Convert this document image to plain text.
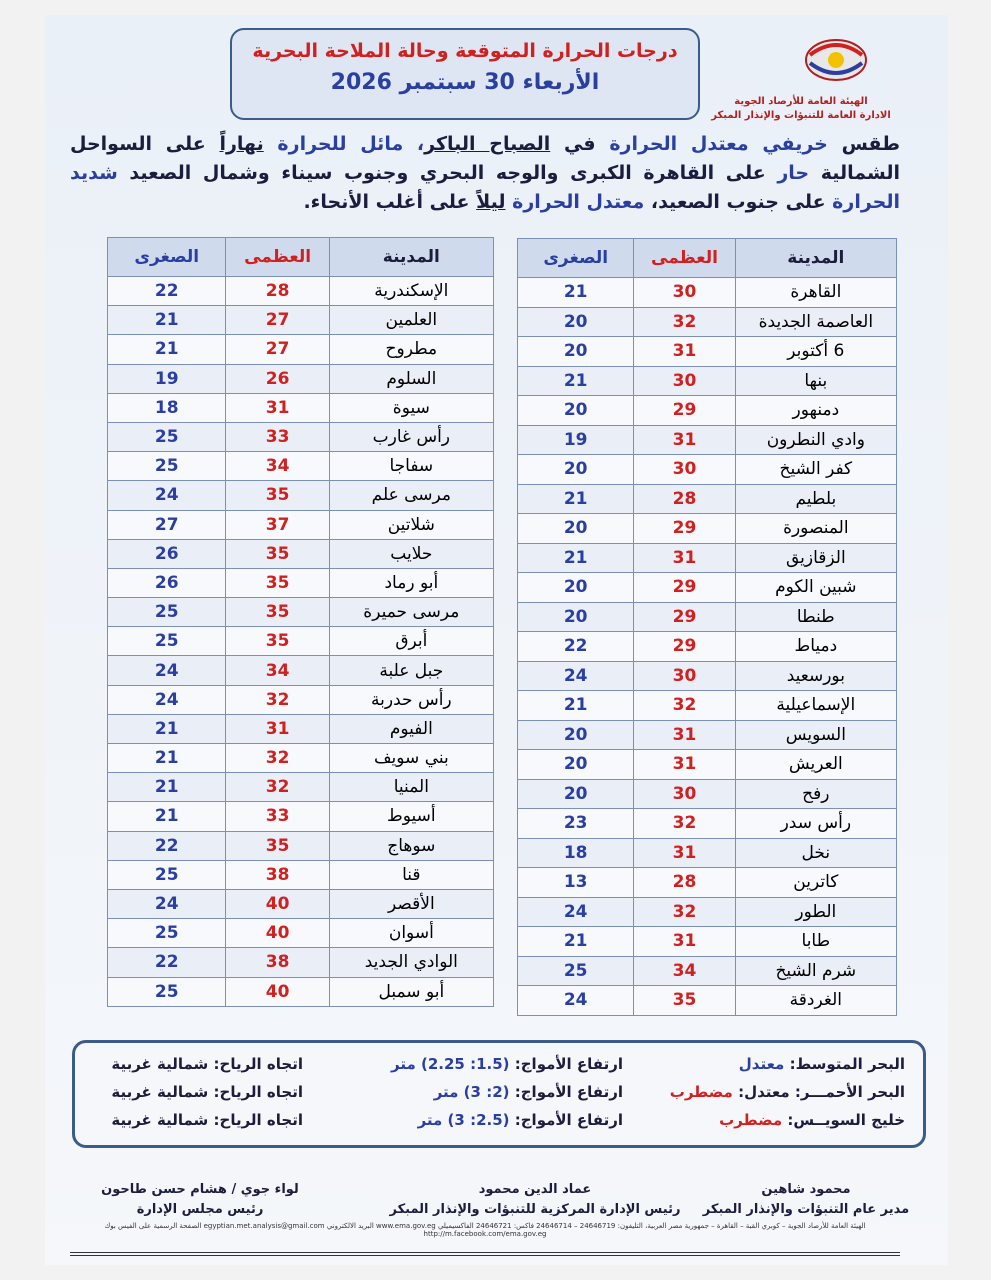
درجات الحرارة المتوقعة وحالة الملاحة البحرية
الأربعاء 30 سبتمبر 2026
الهيئة العامة للأرصاد الجوية
الادارة العامة للتنبؤات والإنذار المبكر
طقس خريفي معتدل الحرارة في الصباح الباكر، مائل للحرارة نهاراً على السواحل الشمالية حار على القاهرة الكبرى والوجه البحري وجنوب سيناء وشمال الصعيد شديد الحرارة على جنوب الصعيد، معتدل الحرارة ليلاً على أغلب الأنحاء.
المدينة	العظمى	الصغرى
القاهرة	30	21
العاصمة الجديدة	32	20
6 أكتوبر	31	20
بنها	30	21
دمنهور	29	20
وادي النطرون	31	19
كفر الشيخ	30	20
بلطيم	28	21
المنصورة	29	20
الزقازيق	31	21
شبين الكوم	29	20
طنطا	29	20
دمياط	29	22
بورسعيد	30	24
الإسماعيلية	32	21
السويس	31	20
العريش	31	20
رفح	30	20
رأس سدر	32	23
نخل	31	18
كاترين	28	13
الطور	32	24
طابا	31	21
شرم الشيخ	34	25
الغردقة	35	24
المدينة	العظمى	الصغرى
الإسكندرية	28	22
العلمين	27	21
مطروح	27	21
السلوم	26	19
سيوة	31	18
رأس غارب	33	25
سفاجا	34	25
مرسى علم	35	24
شلاتين	37	27
حلايب	35	26
أبو رماد	35	26
مرسى حميرة	35	25
أبرق	35	25
جبل علبة	34	24
رأس حدربة	32	24
الفيوم	31	21
بني سويف	32	21
المنيا	32	21
أسيوط	33	21
سوهاج	35	22
قنا	38	25
الأقصر	40	24
أسوان	40	25
الوادي الجديد	38	22
أبو سمبل	40	25
البحر المتوسط: معتدل
ارتفاع الأمواج: (1.5: 2.25) متر
اتجاه الرياح: شمالية غربية
البحر الأحمـــر: معتدل: مضطرب
ارتفاع الأمواج: (2: 3) متر
اتجاه الرياح: شمالية غربية
خليج السويــس: مضطرب
ارتفاع الأمواج: (2.5: 3) متر
اتجاه الرياح: شمالية غربية
محمود شاهين
مدير عام التنبؤات والإنذار المبكر
عماد الدين محمود
رئيس الإدارة المركزية للتنبؤات والإنذار المبكر
لواء جوي / هشام حسن طاحون
رئيس مجلس الإدارة
الهيئة العامة للأرصاد الجوية – كوبري القبة – القاهرة – جمهورية مصر العربية، التليفون: 24646719 – 24646714 فاكس: 24646721 الفاكسيميلي www.ema.gov.eg البريد الالكتروني egyptian.met.analysis@gmail.com الصفحة الرسمية على الفيس بوك http://m.facebook.com/ema.gov.eg
